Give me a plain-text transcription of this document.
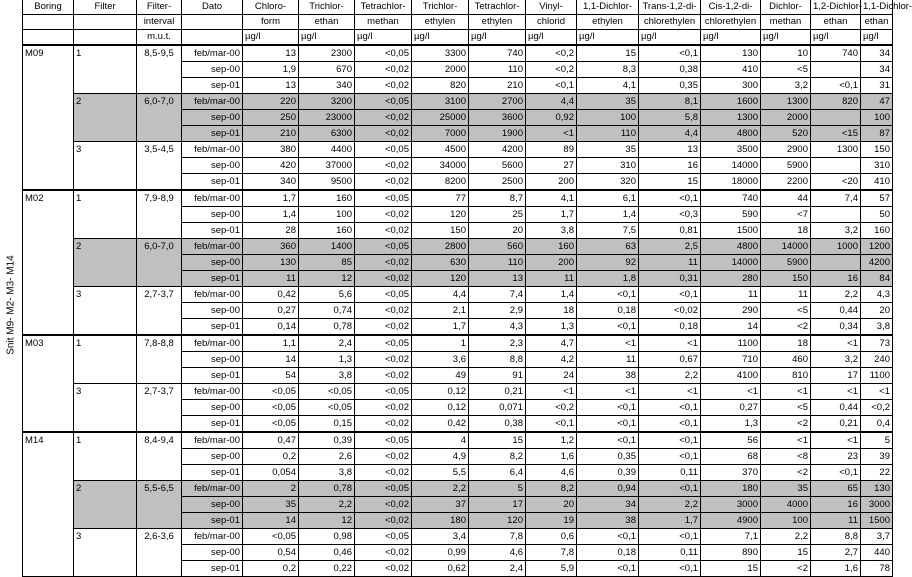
Snit M9- M2- M3- M14
Boring	Filter	Filter-	Dato	Chloro-	Trichlor-	Tetrachlor-	Trichlor-	Tetrachlor-	Vinyl-	1,1-Dichlor-	Trans-1,2-di-	Cis-1,2-di-	Dichlor-	1,2-Dichlor-	1,1-Dichlor-
		interval		form	ethan	methan	ethylen	ethylen	chlorid	ethylen	chlorethylen	chlorethylen	methan	ethan	ethan
		m.u.t.		µg/l	µg/l	µg/l	µg/l	µg/l	µg/l	µg/l	µg/l	µg/l	µg/l	µg/l	µg/l
M09	1	8,5-9,5	feb/mar-00	13	2300	<0,05	3300	740	<0,2	15	<0,1	130	10	740	34
			sep-00	1,9	670	<0,02	2000	110	<0,2	8,3	0,38	410	<5		34
			sep-01	13	340	<0,02	820	210	<0,1	4,1	0,35	300	3,2	<0,1	31
	2	6,0-7,0	feb/mar-00	220	3200	<0,05	3100	2700	4,4	35	8,1	1600	1300	820	47
			sep-00	250	23000	<0,02	25000	3600	0,92	100	5,8	1300	2000		100
			sep-01	210	6300	<0,02	7000	1900	<1	110	4,4	4800	520	<15	87
	3	3,5-4,5	feb/mar-00	380	4400	<0,05	4500	4200	89	35	13	3500	2900	1300	150
			sep-00	420	37000	<0,02	34000	5600	27	310	16	14000	5900		310
			sep-01	340	9500	<0,02	8200	2500	200	320	15	18000	2200	<20	410
M02	1	7,9-8,9	feb/mar-00	1,7	160	<0,05	77	8,7	4,1	6,1	<0,1	740	44	7,4	57
			sep-00	1,4	100	<0,02	120	25	1,7	1,4	<0,3	590	<7		50
			sep-01	28	160	<0,02	150	20	3,8	7,5	0,81	1500	18	3,2	160
	2	6,0-7,0	feb/mar-00	360	1400	<0,05	2800	560	160	63	2,5	4800	14000	1000	1200
			sep-00	130	85	<0,02	630	110	200	92	11	14000	5900		4200
			sep-01	11	12	<0,02	120	13	11	1,8	0,31	280	150	16	84
	3	2,7-3,7	feb/mar-00	0,42	5,6	<0,05	4,4	7,4	1,4	<0,1	<0,1	11	11	2,2	4,3
			sep-00	0,27	0,74	<0,02	2,1	2,9	18	0,18	<0,02	290	<5	0,44	20
			sep-01	0,14	0,78	<0,02	1,7	4,3	1,3	<0,1	0,18	14	<2	0,34	3,8
M03	1	7,8-8,8	feb/mar-00	1,1	2,4	<0,05	1	2,3	4,7	<1	<1	1100	18	<1	73
			sep-00	14	1,3	<0,02	3,6	8,8	4,2	11	0,67	710	460	3,2	240
			sep-01	54	3,8	<0,02	49	91	24	38	2,2	4100	810	17	1100
	3	2,7-3,7	feb/mar-00	<0,05	<0,05	<0,05	0,12	0,21	<1	<1	<1	<1	<1	<1	<1
			sep-00	<0,05	<0,05	<0,02	0,12	0,071	<0,2	<0,1	<0,1	0,27	<5	0,44	<0,2
			sep-01	<0,05	0,15	<0,02	0,42	0,38	<0,1	<0,1	<0,1	1,3	<2	0,21	0,4
M14	1	8,4-9,4	feb/mar-00	0,47	0,39	<0,05	4	15	1,2	<0,1	<0,1	56	<1	<1	5
			sep-00	0,2	2,6	<0,02	4,9	8,2	1,6	0,35	<0,1	68	<8	23	39
			sep-01	0,054	3,8	<0,02	5,5	6,4	4,6	0,39	0,11	370	<2	<0,1	22
	2	5,5-6,5	feb/mar-00	2	0,78	<0,05	2,2	5	8,2	0,94	<0,1	180	35	65	130
			sep-00	35	2,2	<0,02	37	17	20	34	2,2	3000	4000	16	3000
			sep-01	14	12	<0,02	180	120	19	38	1,7	4900	100	11	1500
	3	2,6-3,6	feb/mar-00	<0,05	0,98	<0,05	3,4	7,8	0,6	<0,1	<0,1	7,1	2,2	8,8	3,7
			sep-00	0,54	0,46	<0,02	0,99	4,6	7,8	0,18	0,11	890	15	2,7	440
			sep-01	0,2	0,22	<0,02	0,62	2,4	5,9	<0,1	<0,1	15	<2	1,6	78
